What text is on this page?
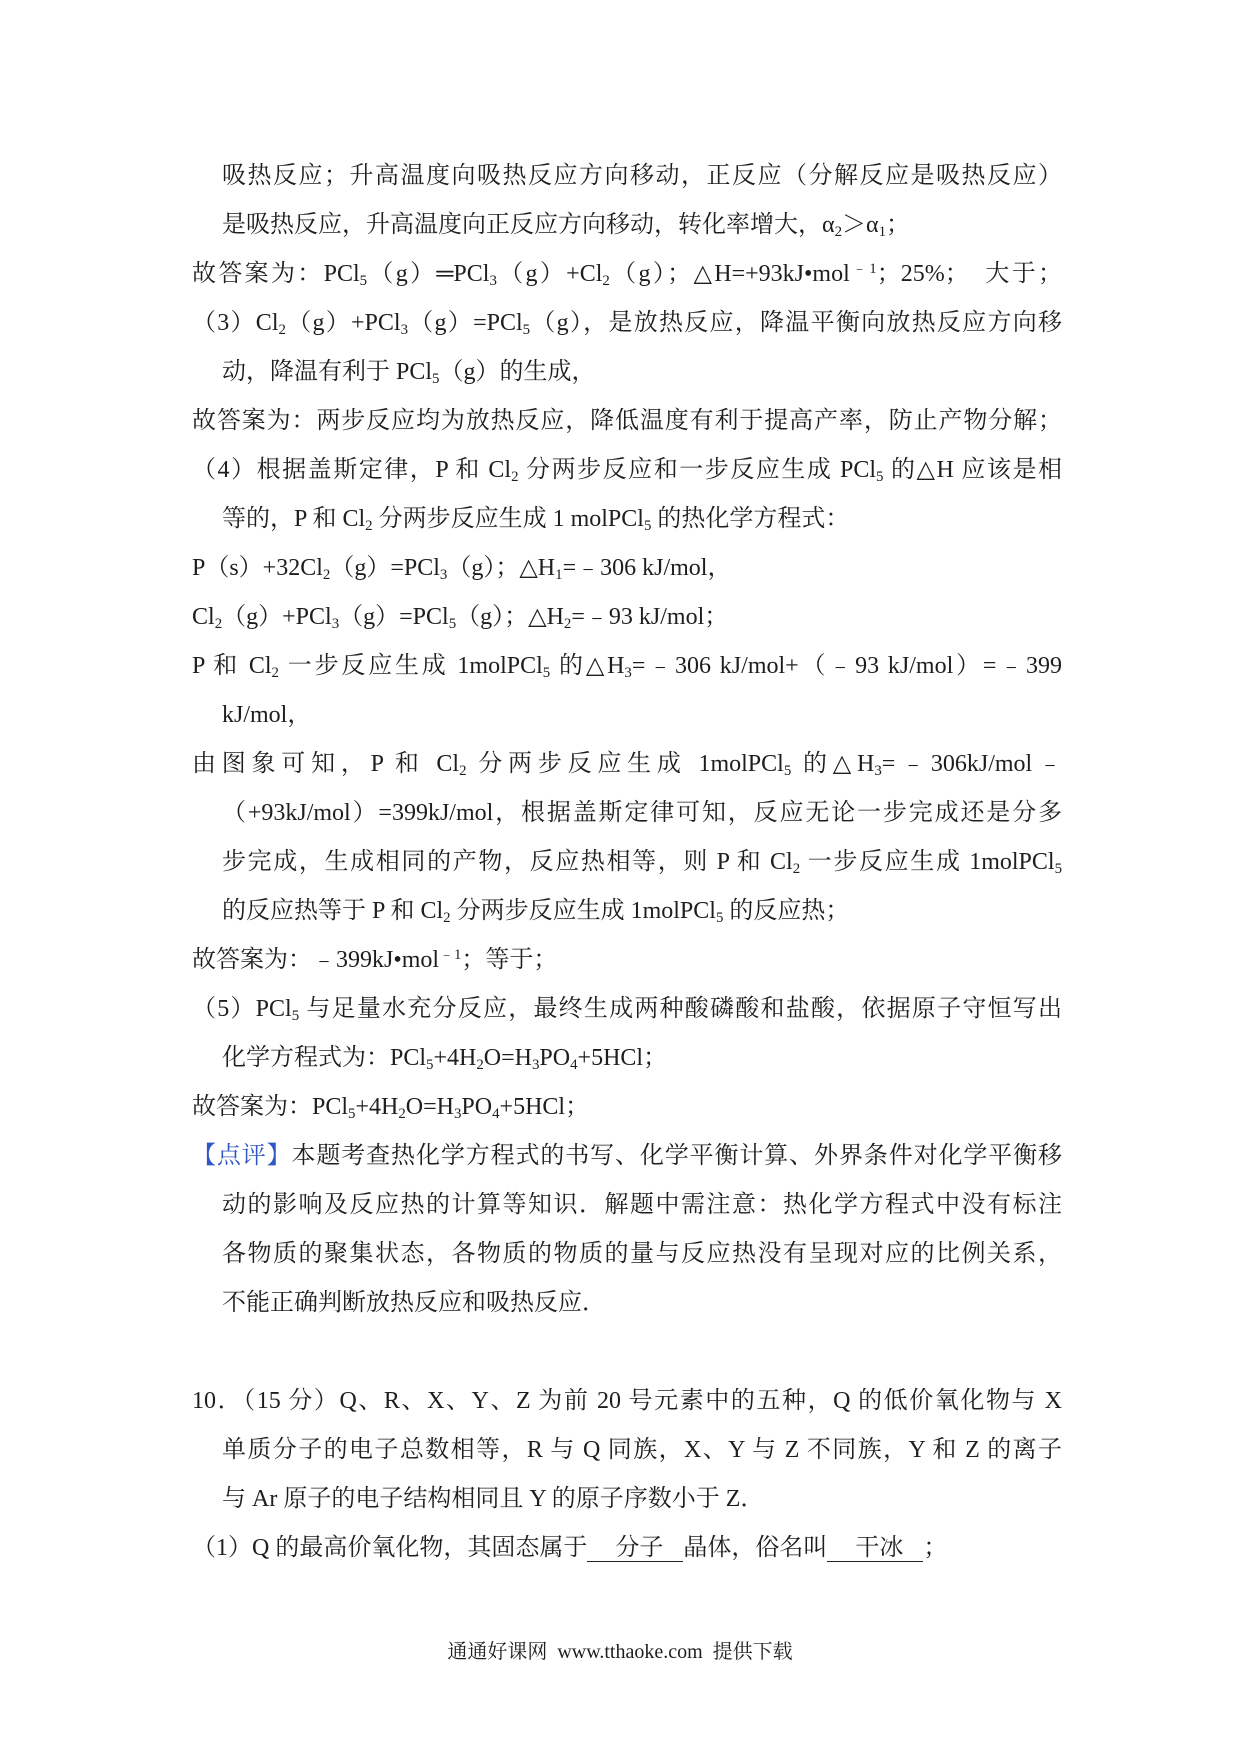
吸热反应；升高温度向吸热反应方向移动，正反应（分解反应是吸热反应）
是吸热反应，升高温度向正反应方向移动，转化率增大，$\alpha_2>\alpha_1$；
故答案为：$PCl_5(g)═PCl_3(g)+Cl_2(g)$；△H=+93kJ•mol$^{﹣1}$；25%；　大于；
$(3)Cl_2(g)+PCl_3(g)=PCl_5(g)$，是放热反应，降温平衡向放热反应方向移
动，降温有利于 PCl$_5$（g）的生成，
故答案为：两步反应均为放热反应，降低温度有利于提高产率，防止产物分解；
（4）根据盖斯定律，P 和 $Cl_2$ 分两步反应和一步反应生成 PCl$_5$ 的△H 应该是相
等的，P 和 $Cl_2$ 分两步反应生成 1 molPCl$_5$ 的热化学方程式：
$P(s)+32Cl_2(g)=PCl_3(g)$；$\triangle H_1=﹣306$ kJ/mol，
$Cl_2(g)+PCl_3(g)=PCl_5(g)$；$\triangle H_2=﹣93$ kJ/mol；
P 和 $Cl_2$ 一步反应生成 1molPCl$_5$ 的$\triangle H_3=﹣306$ kJ/mol+（﹣93 kJ/mol）=﹣399
kJ/mol，
由图象可知，P 和 $Cl_2$ 分两步反应生成 1molPCl$_5$ 的$\triangle H_3=﹣306kJ/mol﹣$
（+93kJ/mol）=399kJ/mol，根据盖斯定律可知，反应无论一步完成还是分多
步完成，生成相同的产物，反应热相等，则 P 和 $Cl_2$ 一步反应生成 1molPCl$_5$
的反应热等于 P 和 $Cl_2$ 分两步反应生成 1molPCl$_5$ 的反应热；
故答案为：﹣399kJ•mol$^{﹣1}$；等于；
（5）PCl$_5$ 与足量水充分反应，最终生成两种酸磷酸和盐酸，依据原子守恒写出
化学方程式为：$PCl_5+4H_2O=H_3PO_4+5HCl$；
故答案为：$PCl_5+4H_2O=H_3PO_4+5HCl$；
【点评】本题考查热化学方程式的书写、化学平衡计算、外界条件对化学平衡移
动的影响及反应热的计算等知识．解题中需注意：热化学方程式中没有标注
各物质的聚集状态，各物质的物质的量与反应热没有呈现对应的比例关系，
不能正确判断放热反应和吸热反应．
10．（15 分）Q、R、X、Y、Z 为前 20 号元素中的五种，Q 的低价氧化物与 X
单质分子的电子总数相等，R 与 Q 同族，X、Y 与 Z 不同族，Y 和 Z 的离子
与 Ar 原子的电子结构相同且 Y 的原子序数小于 Z．
（1）Q 的最高价氧化物，其固态属于 分子 晶体，俗名叫 干冰 ；
通通好课网  www.tthaoke.com  提供下载
